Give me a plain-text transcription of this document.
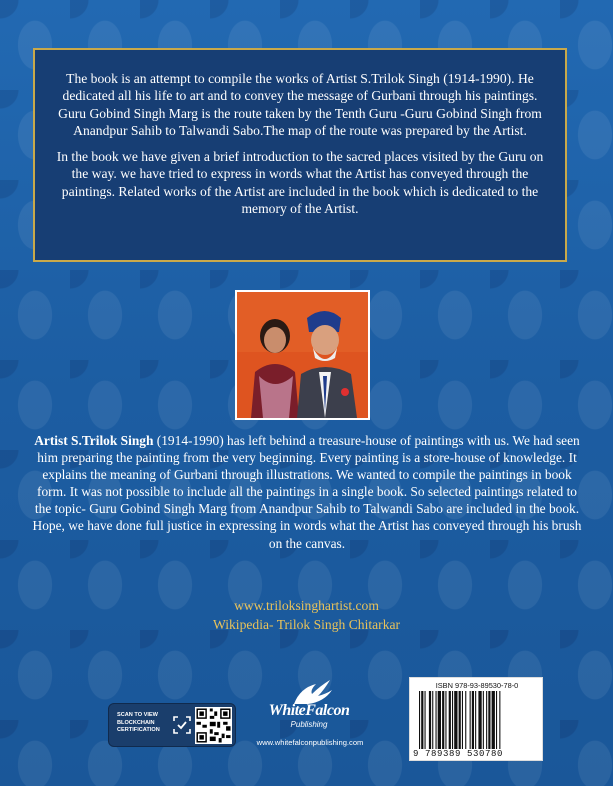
The book is an attempt to compile the works of Artist S.Trilok Singh (1914-1990). He dedicated all his life to art and to convey the message of Gurbani through his paintings. Guru Gobind Singh Marg is the route taken by the Tenth Guru -Guru Gobind Singh from Anandpur Sahib to Talwandi Sabo.The map of the route was prepared by the Artist.

In the book we have given a brief introduction to the sacred places visited by the Guru on the way. we have tried to express in words what the Artist has conveyed through the paintings. Related works of the Artist are included in the book which is dedicated to the memory of the Artist.

Artist S.Trilok Singh (1914-1990) has left behind a treasure-house of paintings with us. We had seen him preparing the painting from the very beginning. Every painting is a store-house of knowledge. It explains the meaning of Gurbani through illustrations. We wanted to compile the paintings in book form. It was not possible to include all the paintings in a single book. So selected paintings related to the topic- Guru Gobind Singh Marg from Anandpur Sahib to Talwandi Sabo are included in the book. Hope, we have done full justice in expressing in words what the Artist has conveyed through his brush on the canvas.

www.triloksinghartist.com
Wikipedia- Trilok Singh Chitarkar
SCAN TO VIEW
BLOCKCHAIN
CERTIFICATION
WhiteFalcon
Publishing
www.whitefalconpublishing.com
ISBN 978-93-89530-78-0
9 789389 530780
